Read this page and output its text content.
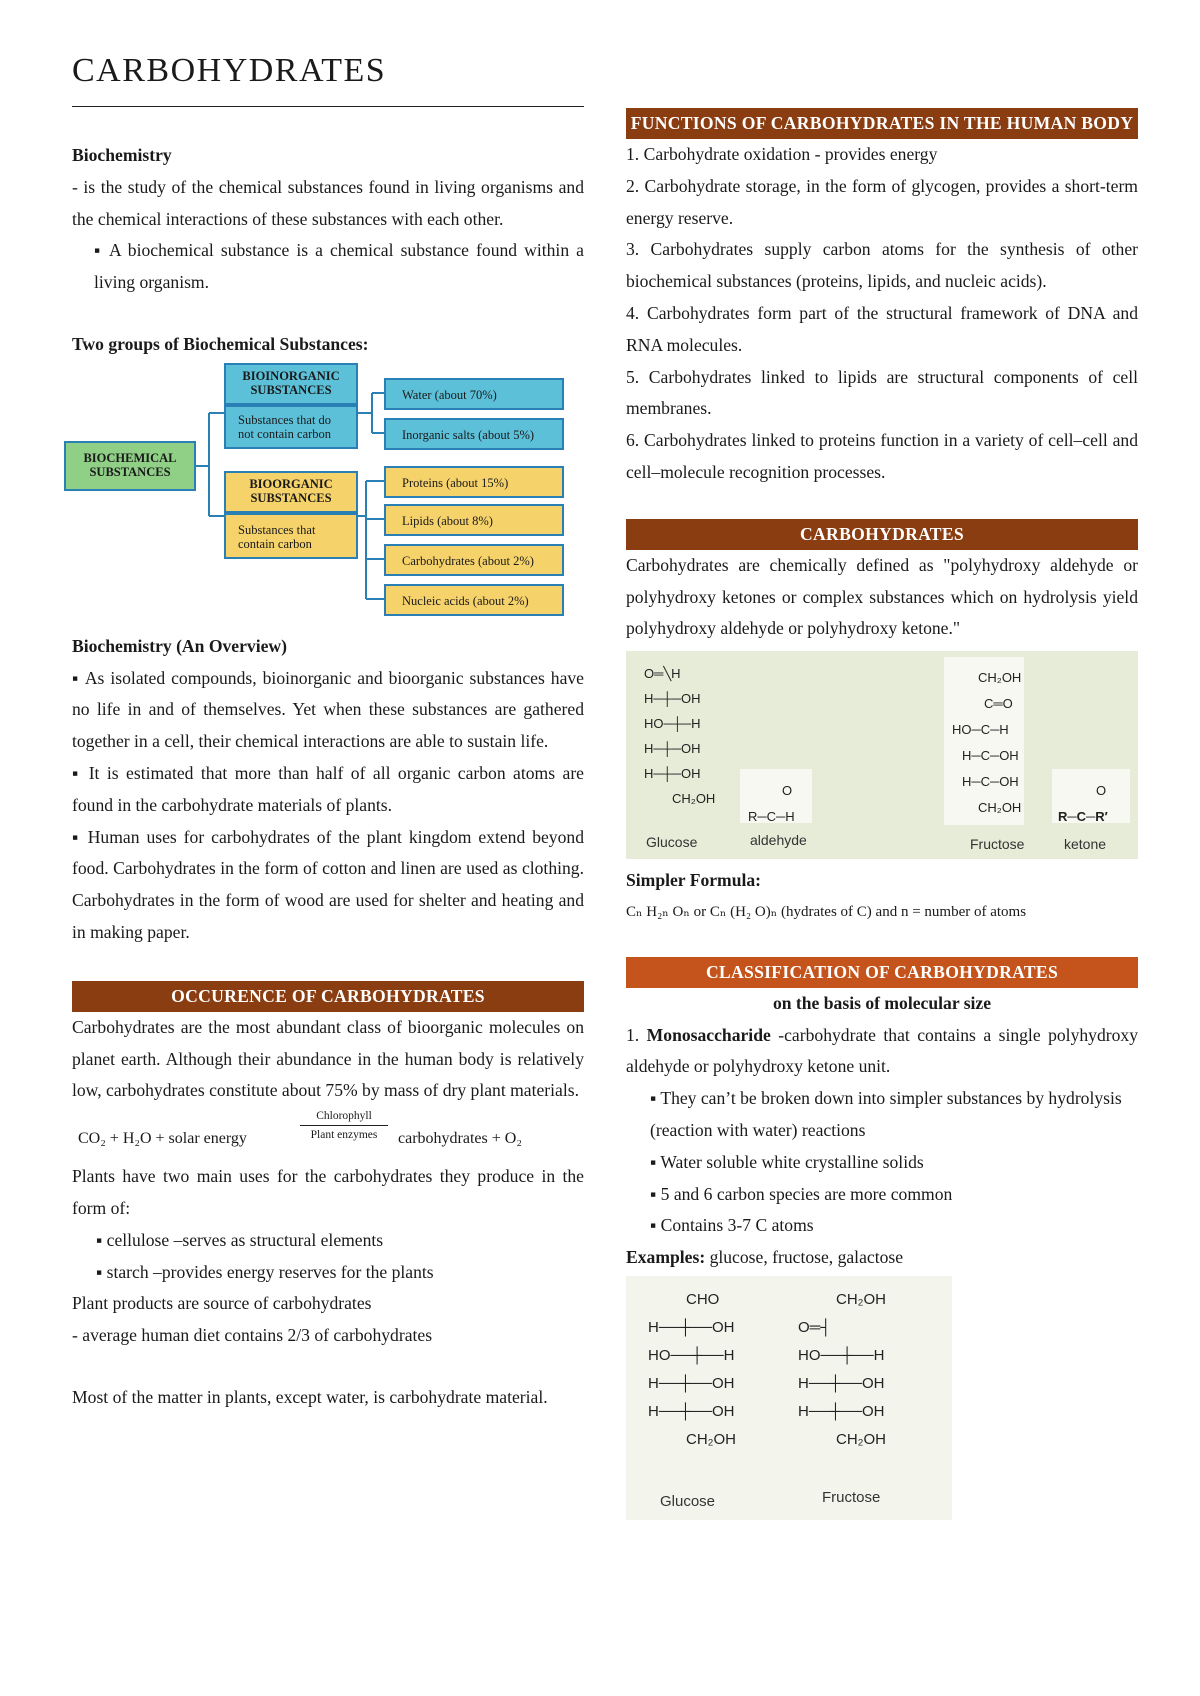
CARBOHYDRATES

Biochemistry

- is the study of the chemical substances found in living organisms and the chemical interactions of these substances with each other.

▪ A biochemical substance is a chemical substance found within a living organism.

Two groups of Biochemical Substances:

BIOCHEMICAL
SUBSTANCES
BIOINORGANIC
SUBSTANCES
Substances that do
not contain carbon
BIOORGANIC
SUBSTANCES
Substances that
contain carbon
Water (about 70%)
Inorganic salts (about 5%)
Proteins (about 15%)
Lipids (about 8%)
Carbohydrates (about 2%)
Nucleic acids (about 2%)

Biochemistry (An Overview)

▪ As isolated compounds, bioinorganic and bioorganic substances have no life in and of themselves. Yet when these substances are gathered together in a cell, their chemical interactions are able to sustain life.

▪ It is estimated that more than half of all organic carbon atoms are found in the carbohydrate materials of plants.

▪ Human uses for carbohydrates of the plant kingdom extend beyond food. Carbohydrates in the form of cotton and linen are used as clothing. Carbohydrates in the form of wood are used for shelter and heating and in making paper.

OCCURENCE OF CARBOHYDRATES

Carbohydrates are the most abundant class of bioorganic molecules on planet earth. Although their abundance in the human body is relatively low, carbohydrates constitute about 75% by mass of dry plant materials.

CO₂ + H₂O + solar energy
Chlorophyll
Plant enzymes	carbohydrates + O₂

Plants have two main uses for the carbohydrates they produce in the form of:

▪ cellulose –serves as structural elements

▪ starch –provides energy reserves for the plants

Plant products are source of carbohydrates

- average human diet contains 2/3 of carbohydrates

Most of the matter in plants, except water, is carbohydrate material.

FUNCTIONS OF CARBOHYDRATES IN THE HUMAN BODY

1. Carbohydrate oxidation - provides energy

2. Carbohydrate storage, in the form of glycogen, provides a short-term energy reserve.

3. Carbohydrates supply carbon atoms for the synthesis of other biochemical substances (proteins, lipids, and nucleic acids).

4. Carbohydrates form part of the structural framework of DNA and RNA molecules.

5. Carbohydrates linked to lipids are structural components of cell membranes.

6. Carbohydrates linked to proteins function in a variety of cell–cell and cell–molecule recognition processes.

CARBOHYDRATES

Carbohydrates are chemically defined as "polyhydroxy aldehyde or polyhydroxy ketones or complex substances which on hydrolysis yield polyhydroxy aldehyde or polyhydroxy ketone."

O═╲H
H─┼─OH
HO─┼─H
H─┼─OH
H─┼─OH
CH₂OH
Glucose
O
R─C─H
aldehyde
CH₂OH
C═O
HO─C─H
H─C─OH
H─C─OH
CH₂OH
Fructose
O
R─C─R′
ketone

Simpler Formula:

Cₙ H₂ₙ Oₙ or Cₙ (H₂ O)ₙ (hydrates of C) and n = number of atoms

CLASSIFICATION OF CARBOHYDRATES

on the basis of molecular size

1. Monosaccharide -carbohydrate that contains a single polyhydroxy aldehyde or polyhydroxy ketone unit.

▪ They can’t be broken down into simpler substances by hydrolysis

(reaction with water) reactions

▪ Water soluble white crystalline solids

▪ 5 and 6 carbon species are more common

▪ Contains 3-7 C atoms

Examples: glucose, fructose, galactose

CHO
H──┼──OH
HO──┼──H
H──┼──OH
H──┼──OH
CH₂OH
Glucose
CH₂OH
O═┤
HO──┼──H
H──┼──OH
H──┼──OH
CH₂OH
Fructose
